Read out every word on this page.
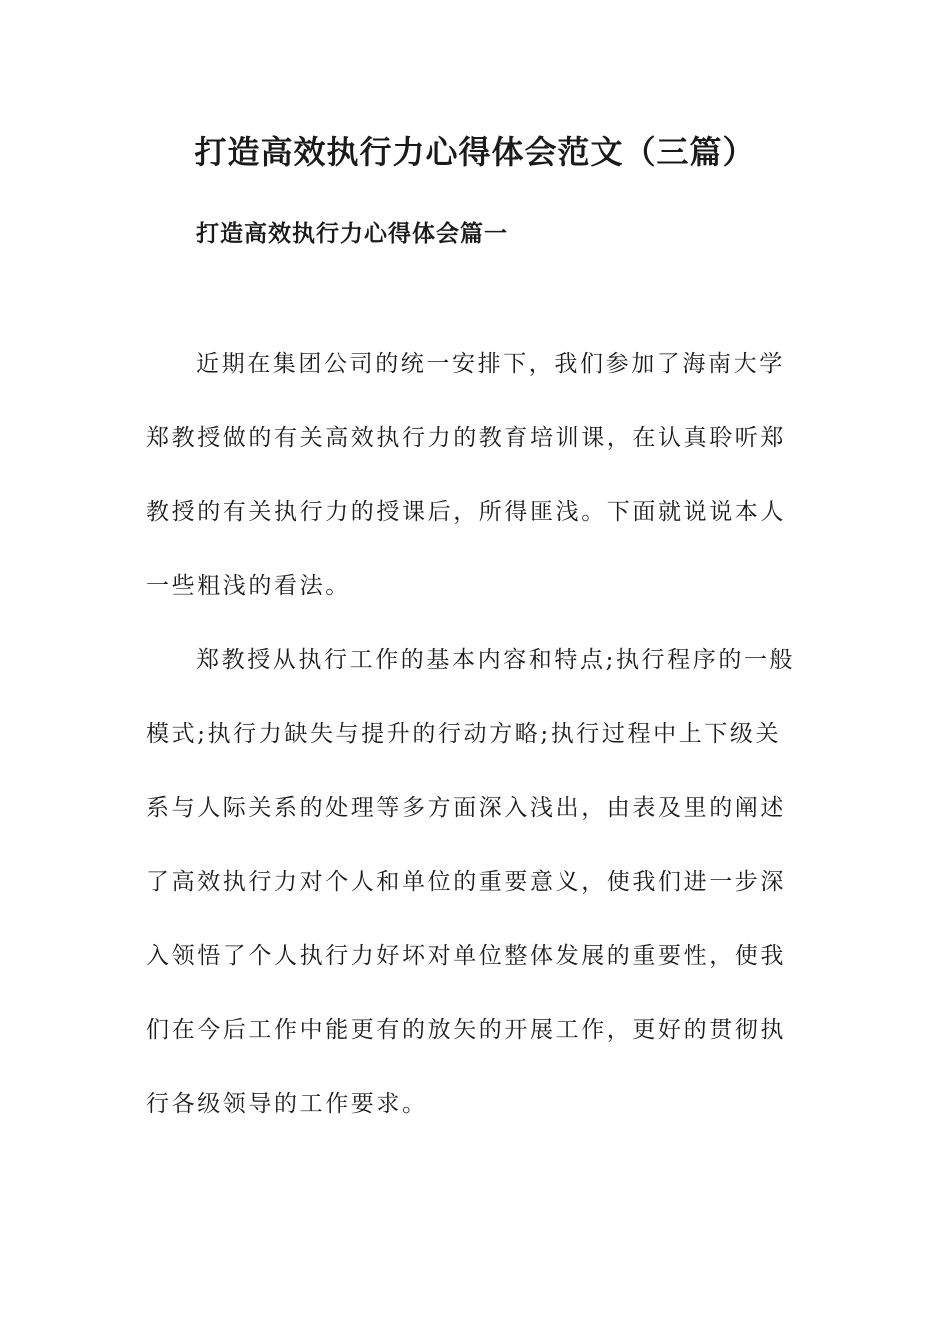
打造高效执行力心得体会范文（三篇）
打造高效执行力心得体会篇一
近期在集团公司的统一安排下，我们参加了海南大学
郑教授做的有关高效执行力的教育培训课，在认真聆听郑
教授的有关执行力的授课后，所得匪浅。下面就说说本人
一些粗浅的看法。
郑教授从执行工作的基本内容和特点;执行程序的一般
模式;执行力缺失与提升的行动方略;执行过程中上下级关
系与人际关系的处理等多方面深入浅出，由表及里的阐述
了高效执行力对个人和单位的重要意义，使我们进一步深
入领悟了个人执行力好坏对单位整体发展的重要性，使我
们在今后工作中能更有的放矢的开展工作，更好的贯彻执
行各级领导的工作要求。
